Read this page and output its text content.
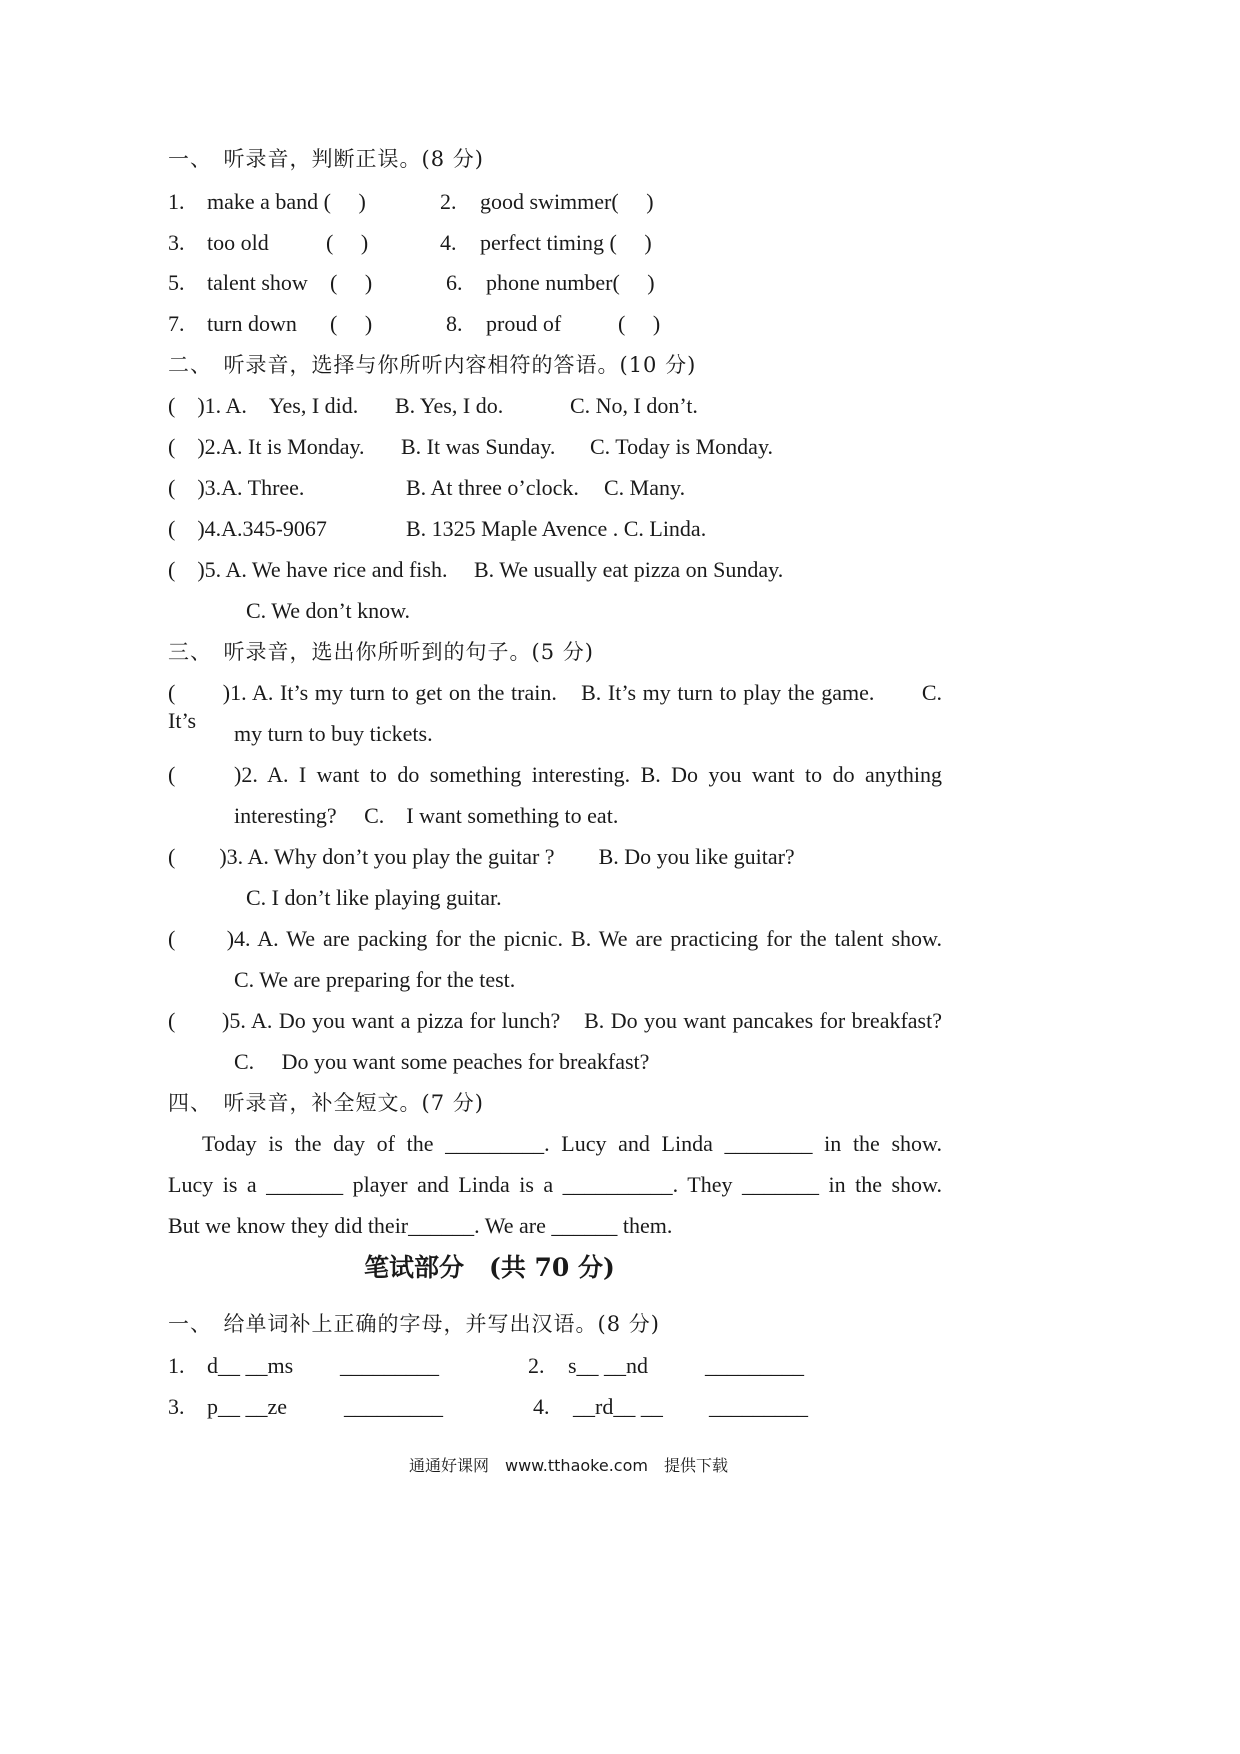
一、　听录音，判断正误。(8 分)
1. make a band (　 )	2. good swimmer(　 )
3. too old	(　 )	4. perfect timing (　 )
5. talent show (　 )	6. phone number(　 )
7. turn down (　 )	8. proud of	(　 )
二、　听录音，选择与你所听内容相符的答语。(10 分)
(　)1. A.　Yes, I did. B. Yes, I do.	C. No, I don’t.
(　)2.A. It is Monday. B. It was Sunday. C. Today is Monday.
(　)3.A. Three.	B. At three o’clock. C. Many.
(　)4.A.345-9067	B. 1325 Maple Avence . C. Linda.
(　)5. A. We have rice and fish. B. We usually eat pizza on Sunday.
C. We don’t know.
三、　听录音，选出你所听到的句子。(5 分)
(　　)1. A. It’s my turn to get on the train.　B. It’s my turn to play the game.　　C. It’s
my turn to buy tickets.
(　　)2. A. I want to do something interesting. B. Do you want to do anything
interesting?　 C.　I want something to eat.
(　　)3. A. Why don’t you play the guitar ?　　B. Do you like guitar?
C. I don’t like playing guitar.
(　　)4. A. We are packing for the picnic. B. We are practicing for the talent show.
C. We are preparing for the test.
(　　)5. A. Do you want a pizza for lunch?　B. Do you want pancakes for breakfast?
C.　 Do you want some peaches for breakfast?
四、　听录音，补全短文。(7 分)
Today is the day of the _________. Lucy and Linda ________ in the show.
Lucy is a _______ player and Linda is a __________. They _______ in the show.
But we know they did their______. We are ______ them.
笔试部分　(共 70 分)
一、　给单词补上正确的字母，并写出汉语。(8 分)
1. d__ __ms _________	2. s__ __nd	_________
3. p__ __ze	_________	4. __rd__ __ _________
通通好课网　www.tthaoke.com　提供下载
